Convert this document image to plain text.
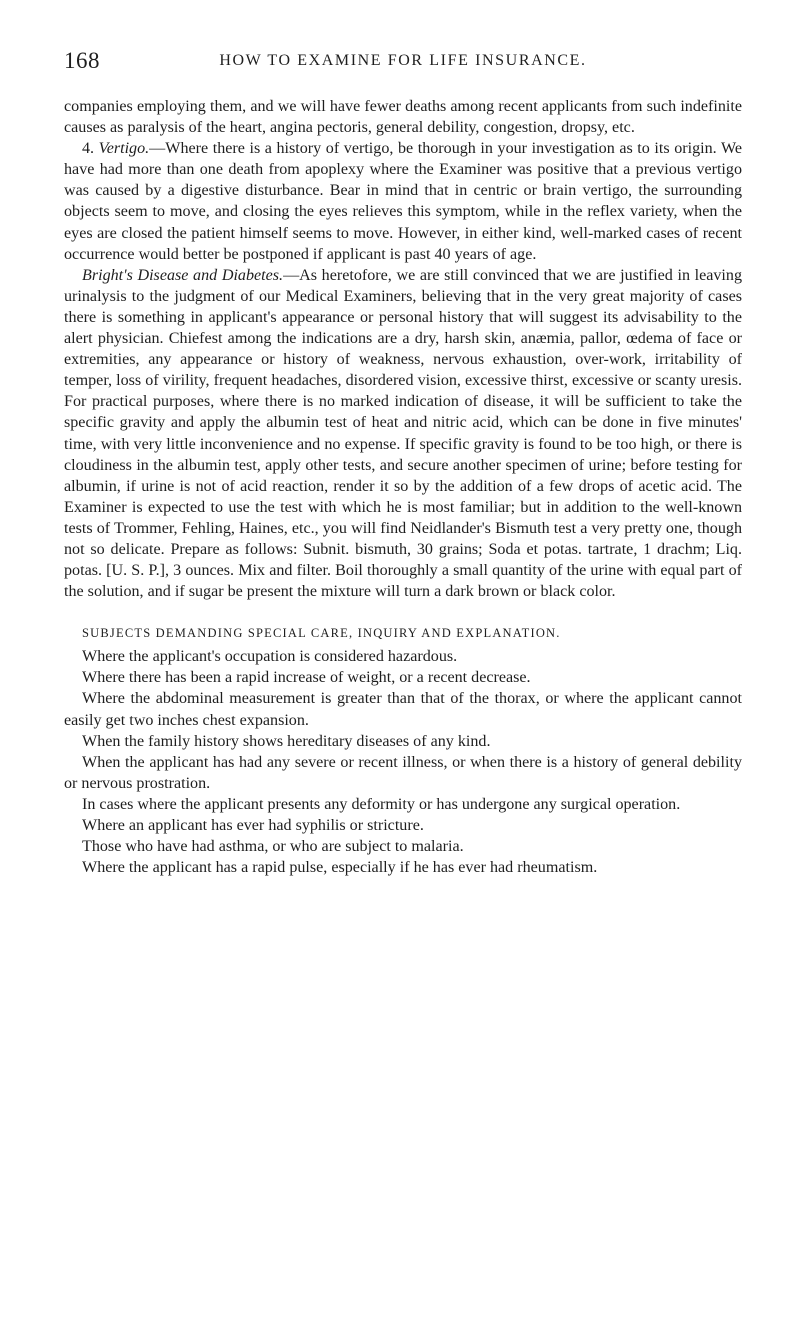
168	HOW TO EXAMINE FOR LIFE INSURANCE.

companies employing them, and we will have fewer deaths among recent applicants from such indefinite causes as paralysis of the heart, angina pectoris, general debility, congestion, dropsy, etc.

4. Vertigo.—Where there is a history of vertigo, be thorough in your investigation as to its origin. We have had more than one death from apoplexy where the Examiner was positive that a previous vertigo was caused by a digestive disturbance. Bear in mind that in centric or brain vertigo, the surrounding objects seem to move, and closing the eyes relieves this symptom, while in the reflex variety, when the eyes are closed the patient himself seems to move. However, in either kind, well-marked cases of recent occurrence would better be postponed if applicant is past 40 years of age.

Bright's Disease and Diabetes.—As heretofore, we are still convinced that we are justified in leaving urinalysis to the judgment of our Medical Examiners, believing that in the very great majority of cases there is something in applicant's appearance or personal history that will suggest its advisability to the alert physician. Chiefest among the indications are a dry, harsh skin, anæmia, pallor, œdema of face or extremities, any appearance or history of weakness, nervous exhaustion, over-work, irritability of temper, loss of virility, frequent headaches, disordered vision, excessive thirst, excessive or scanty uresis. For practical purposes, where there is no marked indication of disease, it will be sufficient to take the specific gravity and apply the albumin test of heat and nitric acid, which can be done in five minutes' time, with very little inconvenience and no expense. If specific gravity is found to be too high, or there is cloudiness in the albumin test, apply other tests, and secure another specimen of urine; before testing for albumin, if urine is not of acid reaction, render it so by the addition of a few drops of acetic acid. The Examiner is expected to use the test with which he is most familiar; but in addition to the well-known tests of Trommer, Fehling, Haines, etc., you will find Neidlander's Bismuth test a very pretty one, though not so delicate. Prepare as follows: Subnit. bismuth, 30 grains; Soda et potas. tartrate, 1 drachm; Liq. potas. [U. S. P.], 3 ounces. Mix and filter. Boil thoroughly a small quantity of the urine with equal part of the solution, and if sugar be present the mixture will turn a dark brown or black color.

SUBJECTS DEMANDING SPECIAL CARE, INQUIRY AND EXPLANATION.
Where the applicant's occupation is considered hazardous.
Where there has been a rapid increase of weight, or a recent decrease.
Where the abdominal measurement is greater than that of the thorax, or where the applicant cannot easily get two inches chest expansion.
When the family history shows hereditary diseases of any kind.
When the applicant has had any severe or recent illness, or when there is a history of general debility or nervous prostration.
In cases where the applicant presents any deformity or has undergone any surgical operation.
Where an applicant has ever had syphilis or stricture.
Those who have had asthma, or who are subject to malaria.
Where the applicant has a rapid pulse, especially if he has ever had rheumatism.
